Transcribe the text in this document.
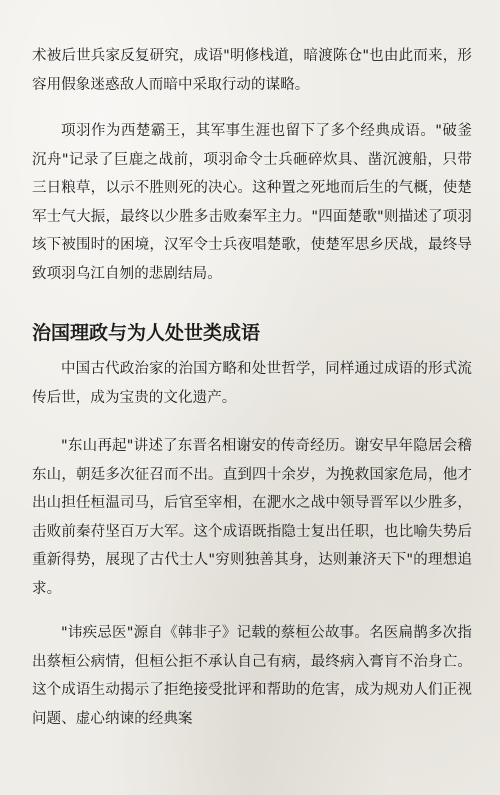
术被后世兵家反复研究，成语"明修栈道，暗渡陈仓"也由此而来，形容用假象迷惑敌人而暗中采取行动的谋略。

项羽作为西楚霸王，其军事生涯也留下了多个经典成语。"破釜沉舟"记录了巨鹿之战前，项羽命令士兵砸碎炊具、凿沉渡船，只带三日粮草，以示不胜则死的决心。这种置之死地而后生的气概，使楚军士气大振，最终以少胜多击败秦军主力。"四面楚歌"则描述了项羽垓下被围时的困境，汉军令士兵夜唱楚歌，使楚军思乡厌战，最终导致项羽乌江自刎的悲剧结局。

治国理政与为人处世类成语

中国古代政治家的治国方略和处世哲学，同样通过成语的形式流传后世，成为宝贵的文化遗产。

"东山再起"讲述了东晋名相谢安的传奇经历。谢安早年隐居会稽东山，朝廷多次征召而不出。直到四十余岁，为挽救国家危局，他才出山担任桓温司马，后官至宰相，在淝水之战中领导晋军以少胜多，击败前秦苻坚百万大军。这个成语既指隐士复出任职，也比喻失势后重新得势，展现了古代士人"穷则独善其身，达则兼济天下"的理想追求。

"讳疾忌医"源自《韩非子》记载的蔡桓公故事。名医扁鹊多次指出蔡桓公病情，但桓公拒不承认自己有病，最终病入膏肓不治身亡。这个成语生动揭示了拒绝接受批评和帮助的危害，成为规劝人们正视问题、虚心纳谏的经典案
